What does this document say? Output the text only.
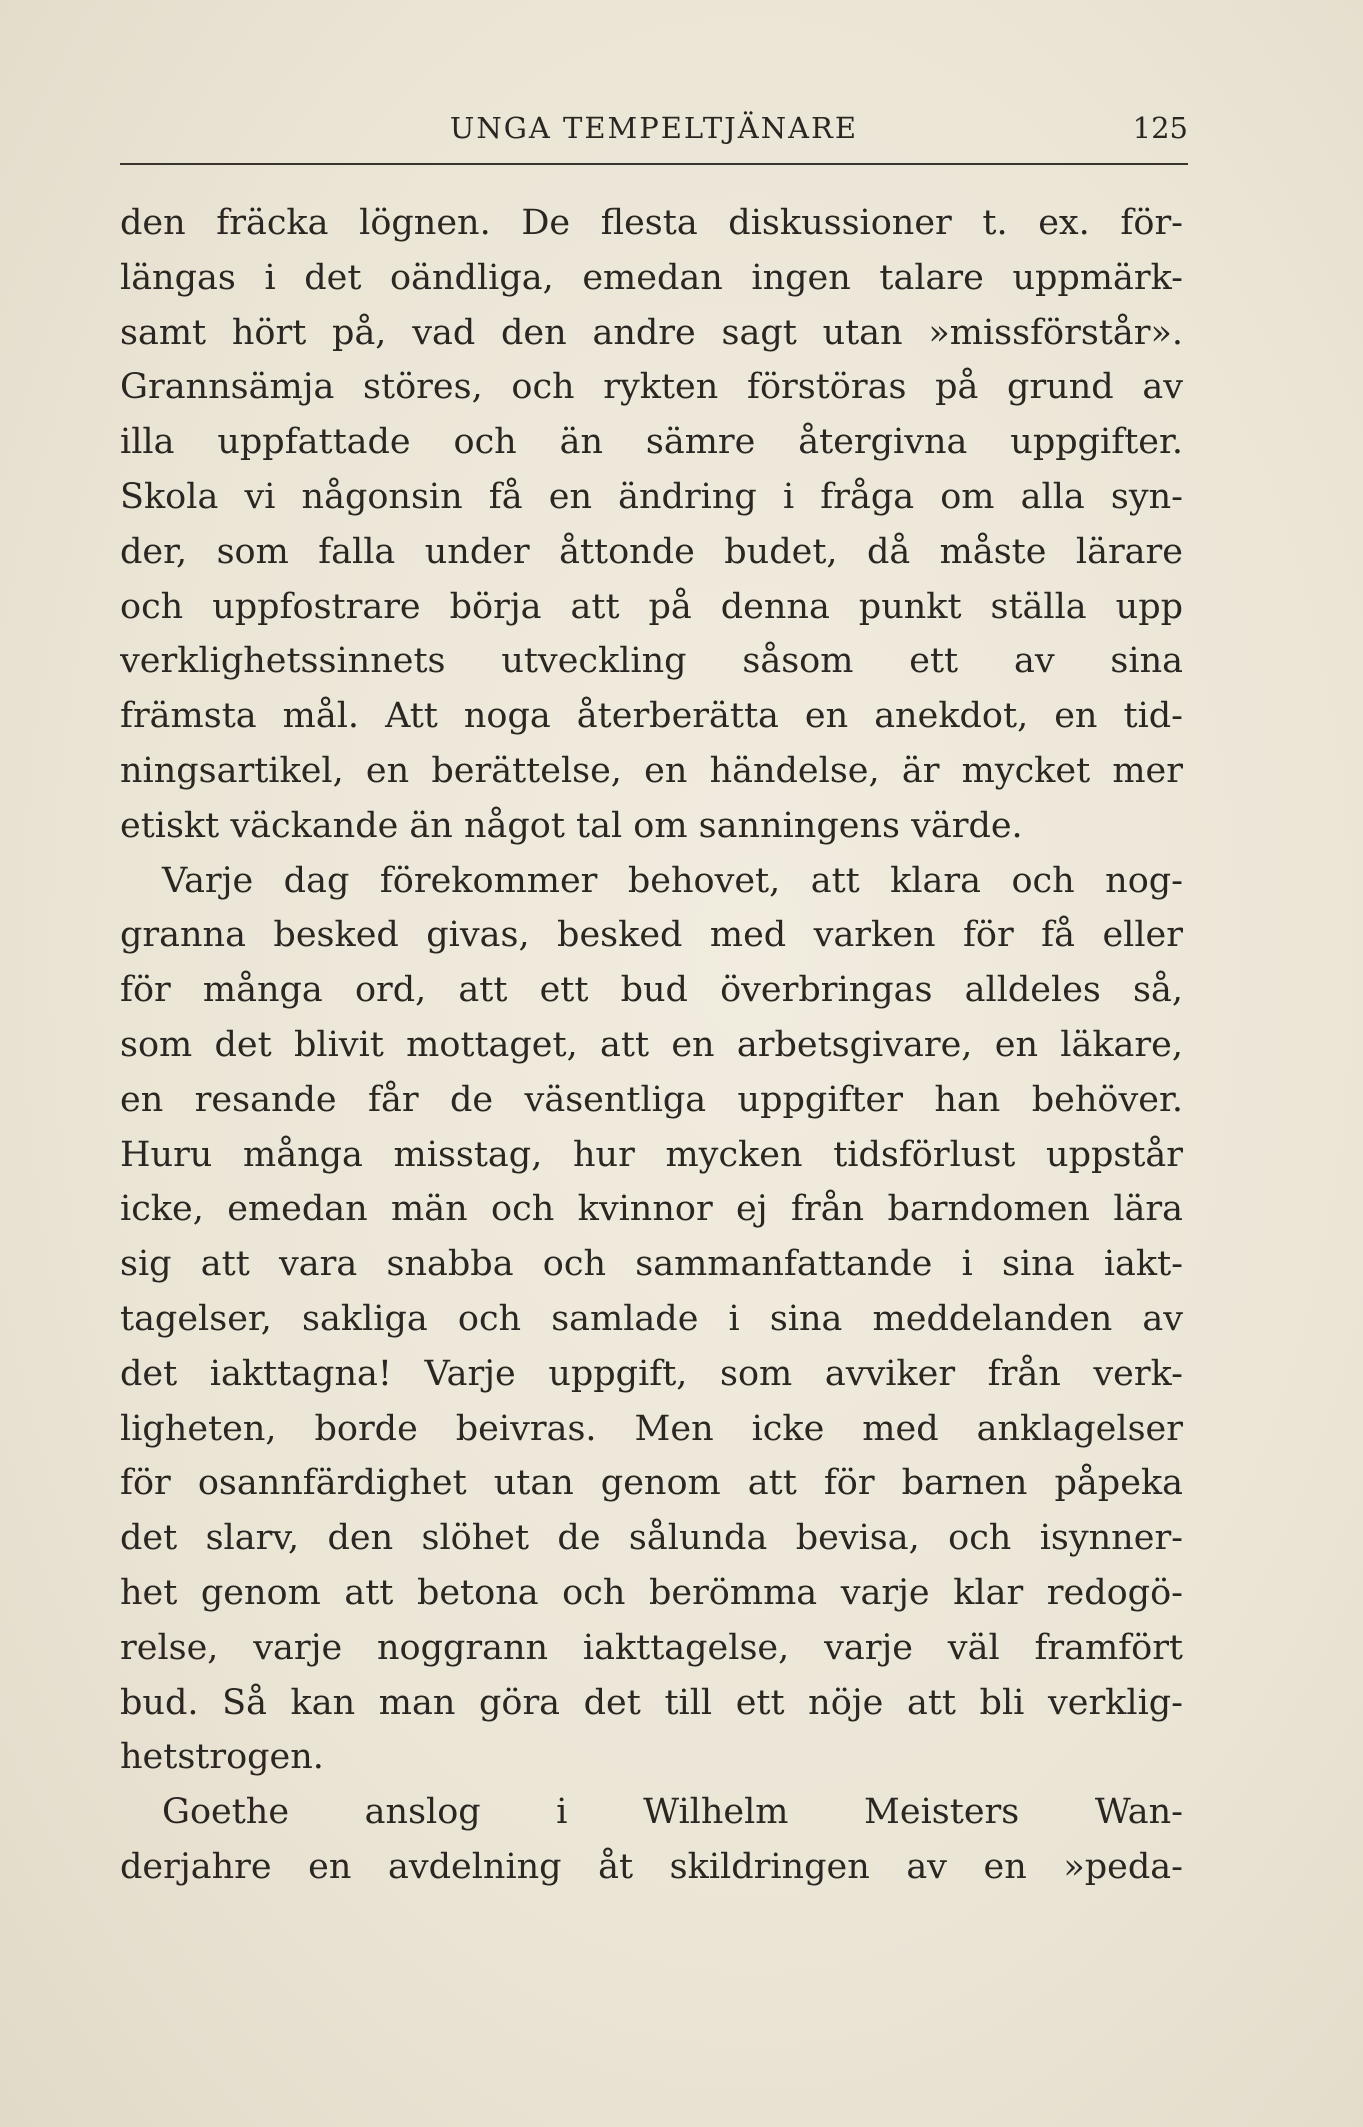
UNGA TEMPELTJÄNARE	125
den fräcka lögnen. De flesta diskussioner t. ex. för-
längas i det oändliga, emedan ingen talare uppmärk-
samt hört på, vad den andre sagt utan »missförstår».
Grannsämja störes, och rykten förstöras på grund av
illa uppfattade och än sämre återgivna uppgifter.
Skola vi någonsin få en ändring i fråga om alla syn-
der, som falla under åttonde budet, då måste lärare
och uppfostrare börja att på denna punkt ställa upp
verklighetssinnets utveckling såsom ett av sina
främsta mål. Att noga återberätta en anekdot, en tid-
ningsartikel, en berättelse, en händelse, är mycket mer
etiskt väckande än något tal om sanningens värde.
Varje dag förekommer behovet, att klara och nog-
granna besked givas, besked med varken för få eller
för många ord, att ett bud överbringas alldeles så,
som det blivit mottaget, att en arbetsgivare, en läkare,
en resande får de väsentliga uppgifter han behöver.
Huru många misstag, hur mycken tidsförlust uppstår
icke, emedan män och kvinnor ej från barndomen lära
sig att vara snabba och sammanfattande i sina iakt-
tagelser, sakliga och samlade i sina meddelanden av
det iakttagna! Varje uppgift, som avviker från verk-
ligheten, borde beivras. Men icke med anklagelser
för osannfärdighet utan genom att för barnen påpeka
det slarv, den slöhet de sålunda bevisa, och isynner-
het genom att betona och berömma varje klar redogö-
relse, varje noggrann iakttagelse, varje väl framfört
bud. Så kan man göra det till ett nöje att bli verklig-
hetstrogen.
Goethe anslog i Wilhelm Meisters Wan-
derjahre en avdelning åt skildringen av en »peda-
